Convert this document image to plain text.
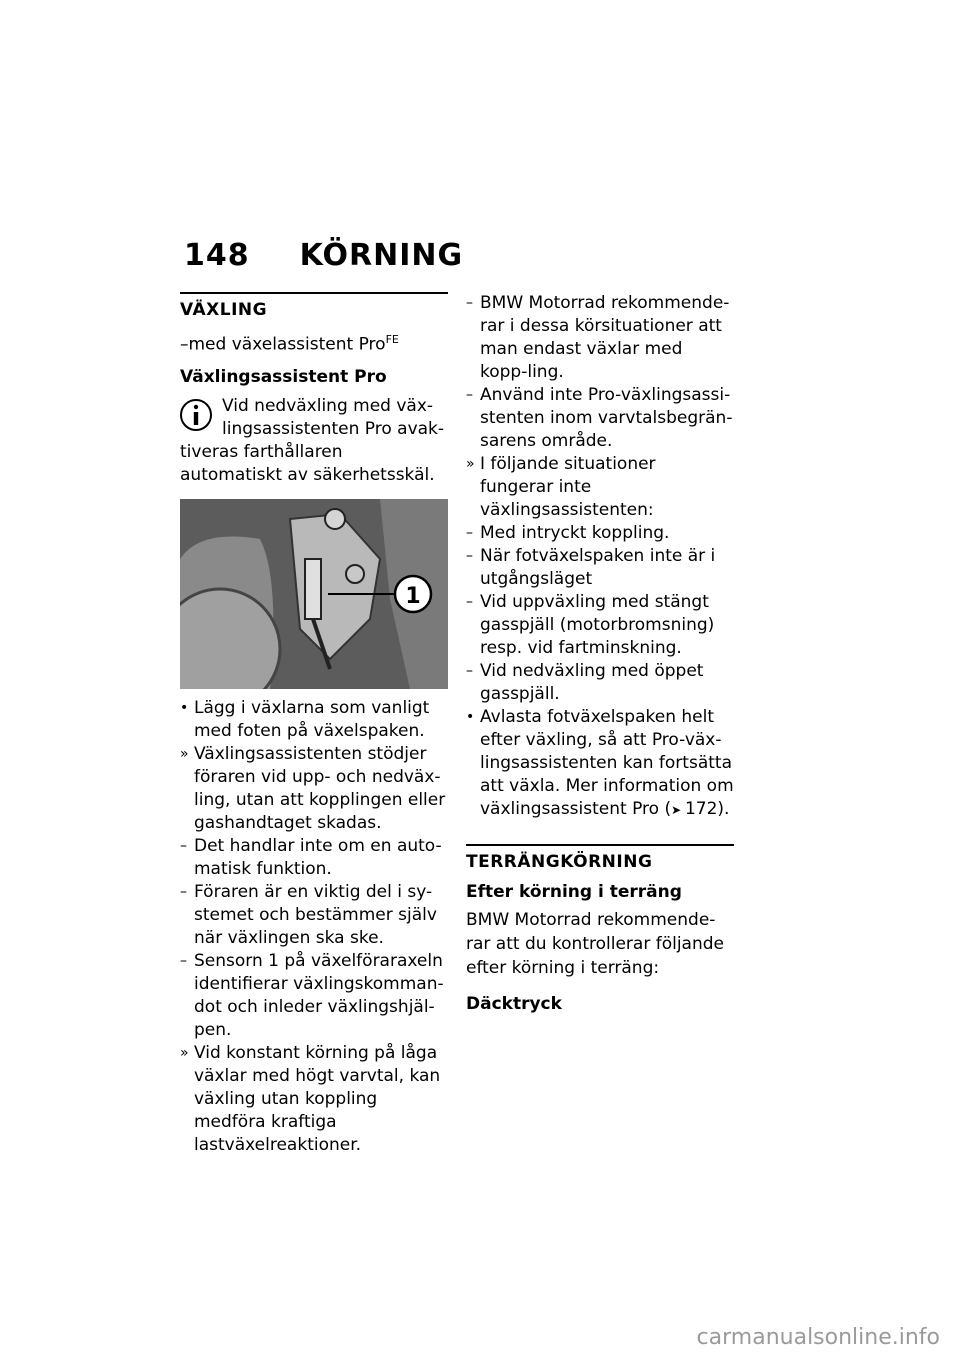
148 KÖRNING
VÄXLING
–med växelassistent Pro$^{FE}$
Växlingsassistent Pro
Vid nedväxling med väx-lingsassistenten Pro avak-tiveras farthållaren automatiskt av säkerhetsskäl.
1
• Lägg i växlarna som vanligt med foten på växelspaken.
» Växlingsassistenten stödjer föraren vid upp- och nedväx-ling, utan att kopplingen eller gashandtaget skadas.
– Det handlar inte om en auto-matisk funktion.
– Föraren är en viktig del i sy-stemet och bestämmer själv när växlingen ska ske.
– Sensorn 1 på växelföraraxeln identifierar växlingskomman-dot och inleder växlingshjäl-pen.
» Vid konstant körning på låga växlar med högt varvtal, kan växling utan koppling medföra kraftiga lastväxelreaktioner.
– BMW Motorrad rekommende-rar i dessa körsituationer att man endast växlar med kopp-ling.
– Använd inte Pro-växlingsassi-stenten inom varvtalsbegrän-sarens område.
» I följande situationer fungerar inte växlingsassistenten:
– Med intryckt koppling.
– När fotväxelspaken inte är i utgångsläget
– Vid uppväxling med stängt gasspjäll (motorbromsning) resp. vid fartminskning.
– Vid nedväxling med öppet gasspjäll.
• Avlasta fotväxelspaken helt efter växling, så att Pro-väx-lingsassistenten kan fortsätta att växla. Mer information om växlingsassistent Pro (➤ 172).
TERRÄNGKÖRNING
Efter körning i terräng
BMW Motorrad rekommende-rar att du kontrollerar följande efter körning i terräng:
Däcktryck
carmanualsonline.info
